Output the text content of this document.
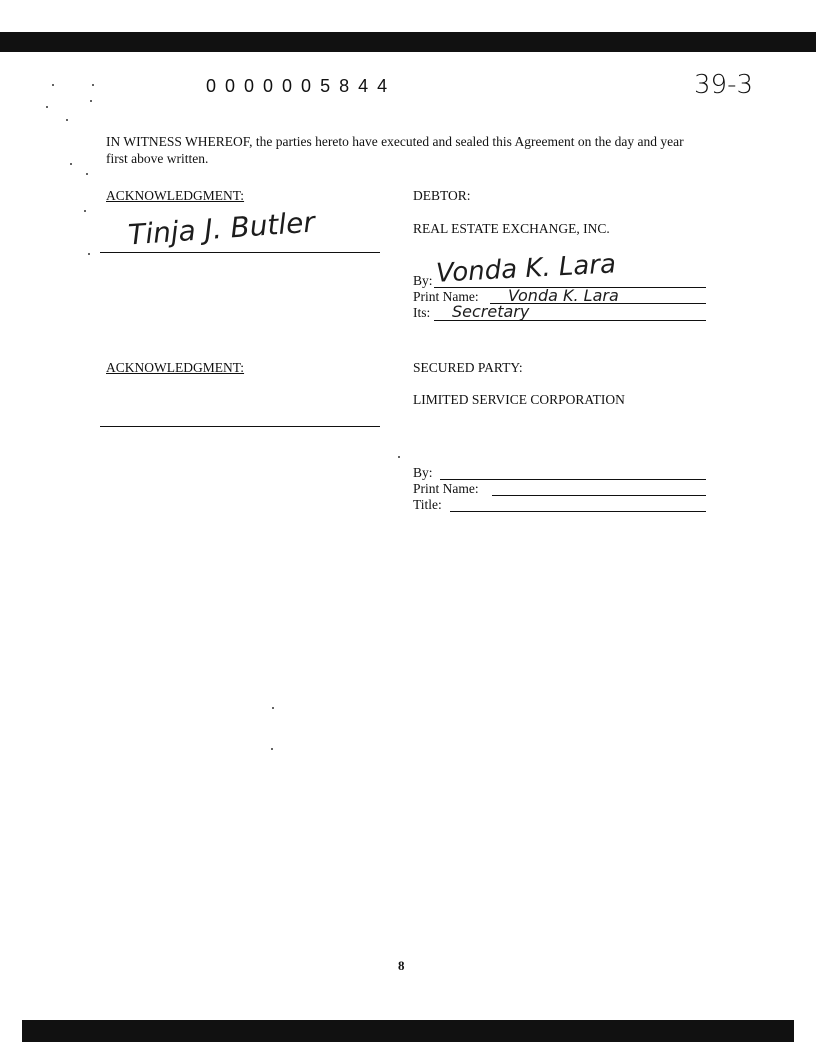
0000005844	39-3
IN WITNESS WHEREOF, the parties hereto have executed and sealed this Agreement on the day and year first above written.
ACKNOWLEDGMENT:
Tinja J. Butler
DEBTOR:
REAL ESTATE EXCHANGE, INC.
By: Vonda K. Lara
Print Name: Vonda K. Lara
Its: Secretary
ACKNOWLEDGMENT:	SECURED PARTY:
LIMITED SERVICE CORPORATION
By:
Print Name:
Title:
8
